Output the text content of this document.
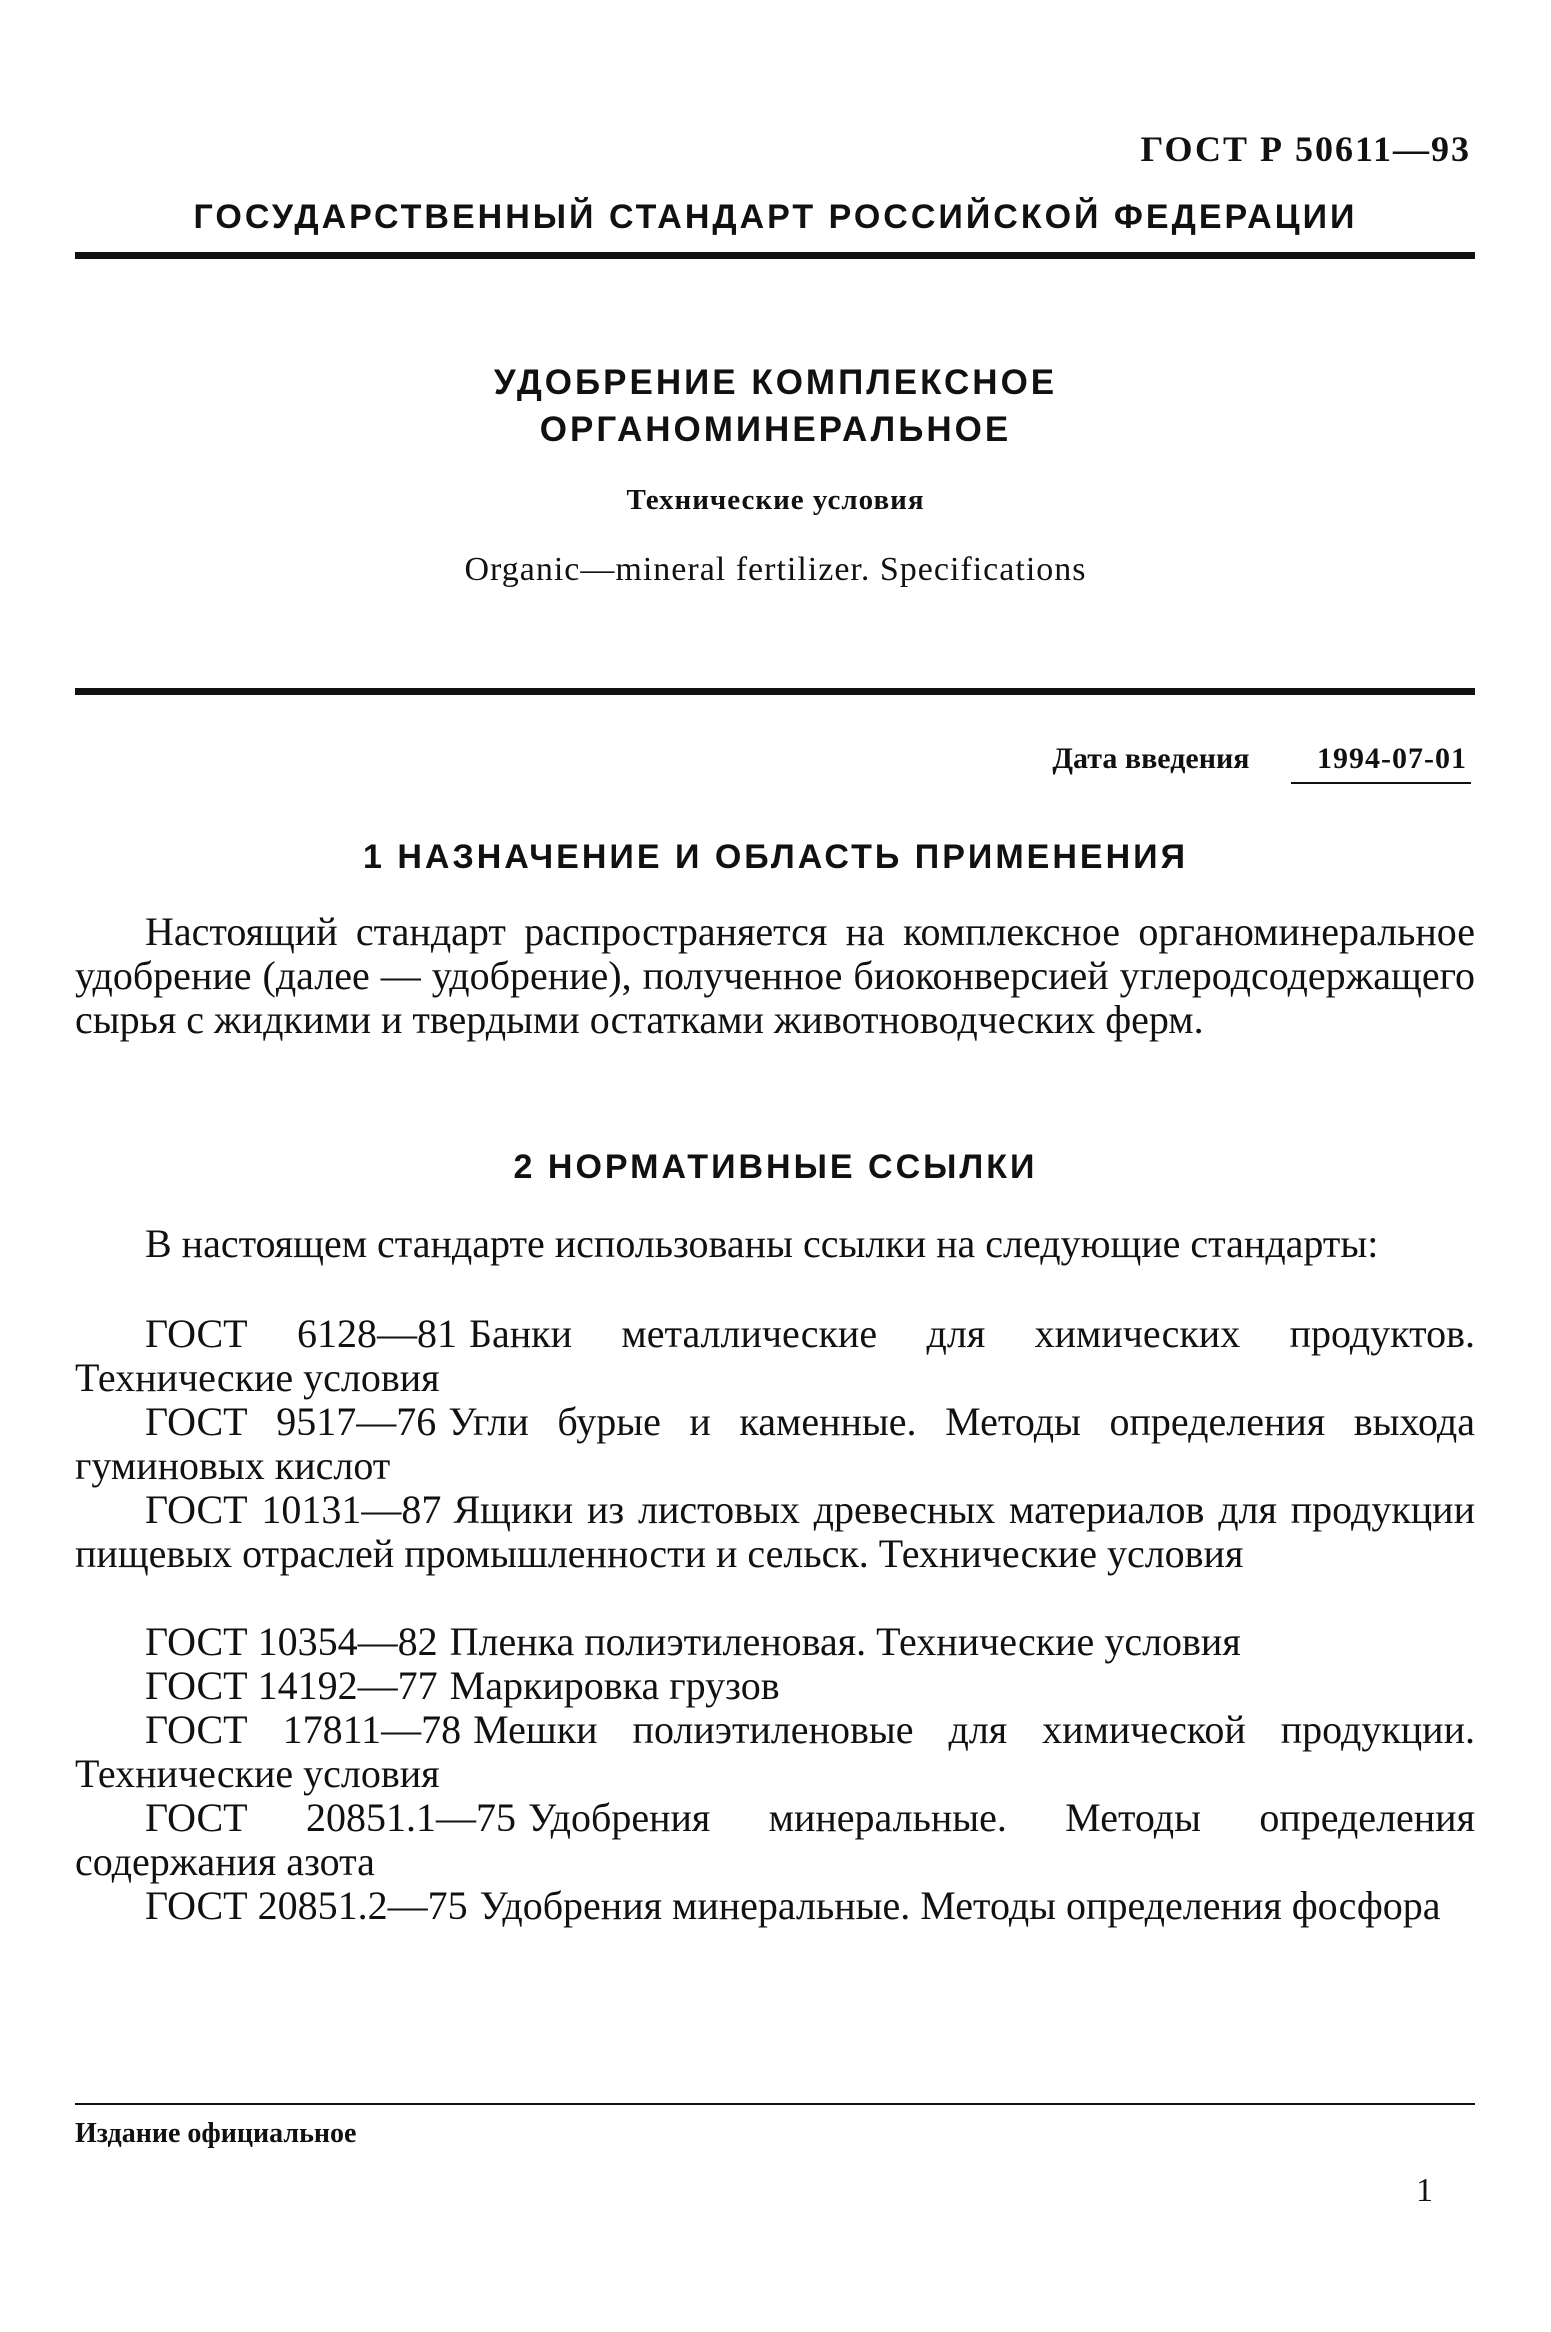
ГОСТ Р 50611—93
ГОСУДАРСТВЕННЫЙ СТАНДАРТ РОССИЙСКОЙ ФЕДЕРАЦИИ
УДОБРЕНИЕ КОМПЛЕКСНОЕ
ОРГАНОМИНЕРАЛЬНОЕ
Технические условия
Organic—mineral fertilizer. Specifications
Дата введения 1994-07-01
1 НАЗНАЧЕНИЕ И ОБЛАСТЬ ПРИМЕНЕНИЯ

Настоящий стандарт распространяется на комплексное органоминеральное удобрение (далее — удобрение), полученное биоконверсией углеродсодержащего сырья с жидкими и твердыми остатками животноводческих ферм.

2 НОРМАТИВНЫЕ ССЫЛКИ

В настоящем стандарте использованы ссылки на следующие стандарты:

ГОСТ 6128—81 Банки металлические для химических продуктов. Технические условия

ГОСТ 9517—76 Угли бурые и каменные. Методы определения выхода гуминовых кислот

ГОСТ 10131—87 Ящики из листовых древесных материалов для продукции пищевых отраслей промышленности и сельск. Технические условия

ГОСТ 10354—82 Пленка полиэтиленовая. Технические условия

ГОСТ 14192—77 Маркировка грузов

ГОСТ 17811—78 Мешки полиэтиленовые для химической продукции. Технические условия

ГОСТ 20851.1—75 Удобрения минеральные. Методы определения содержания азота

ГОСТ 20851.2—75 Удобрения минеральные. Методы определения фосфора

Издание официальное
1
